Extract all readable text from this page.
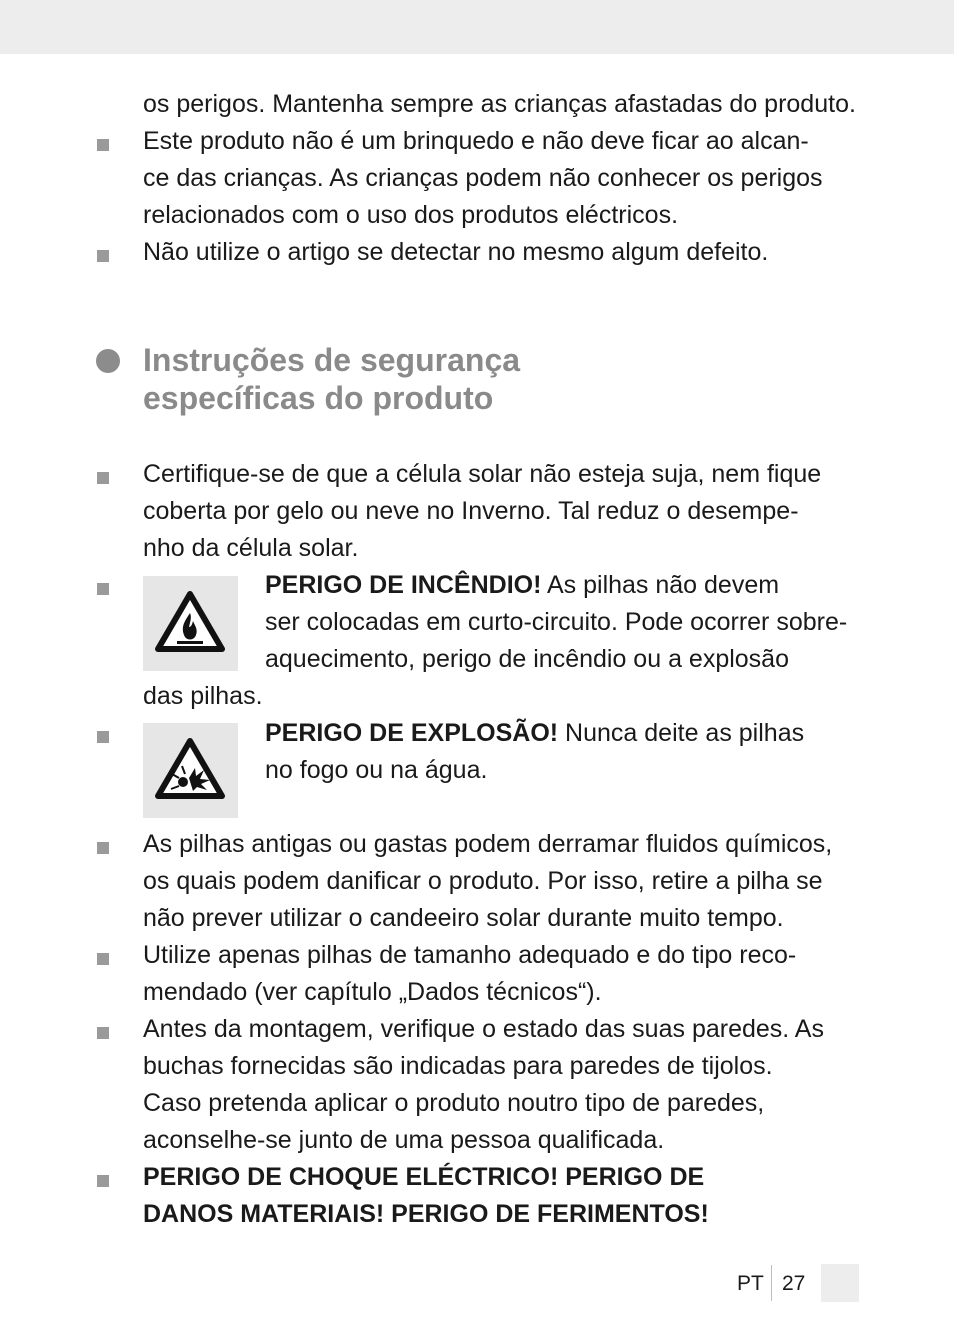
os perigos. Mantenha sempre as crianças afastadas do produto.
Este produto não é um brinquedo e não deve ficar ao alcan-
ce das crianças. As crianças podem não conhecer os perigos
relacionados com o uso dos produtos eléctricos.
Não utilize o artigo se detectar no mesmo algum defeito.
Instruções de segurança
específicas do produto
Certifique-se de que a célula solar não esteja suja, nem fique
coberta por gelo ou neve no Inverno. Tal reduz o desempe-
nho da célula solar.
PERIGO DE INCÊNDIO! As pilhas não devem
ser colocadas em curto-circuito. Pode ocorrer sobre-
aquecimento, perigo de incêndio ou a explosão
das pilhas.
PERIGO DE EXPLOSÃO! Nunca deite as pilhas
no fogo ou na água.
As pilhas antigas ou gastas podem derramar fluidos químicos,
os quais podem danificar o produto. Por isso, retire a pilha se
não prever utilizar o candeeiro solar durante muito tempo.
Utilize apenas pilhas de tamanho adequado e do tipo reco-
mendado (ver capítulo „Dados técnicos“).
Antes da montagem, verifique o estado das suas paredes. As
buchas fornecidas são indicadas para paredes de tijolos.
Caso pretenda aplicar o produto noutro tipo de paredes,
aconselhe-se junto de uma pessoa qualificada.
PERIGO DE CHOQUE ELÉCTRICO! PERIGO DE
DANOS MATERIAIS! PERIGO DE FERIMENTOS!
PT 27
